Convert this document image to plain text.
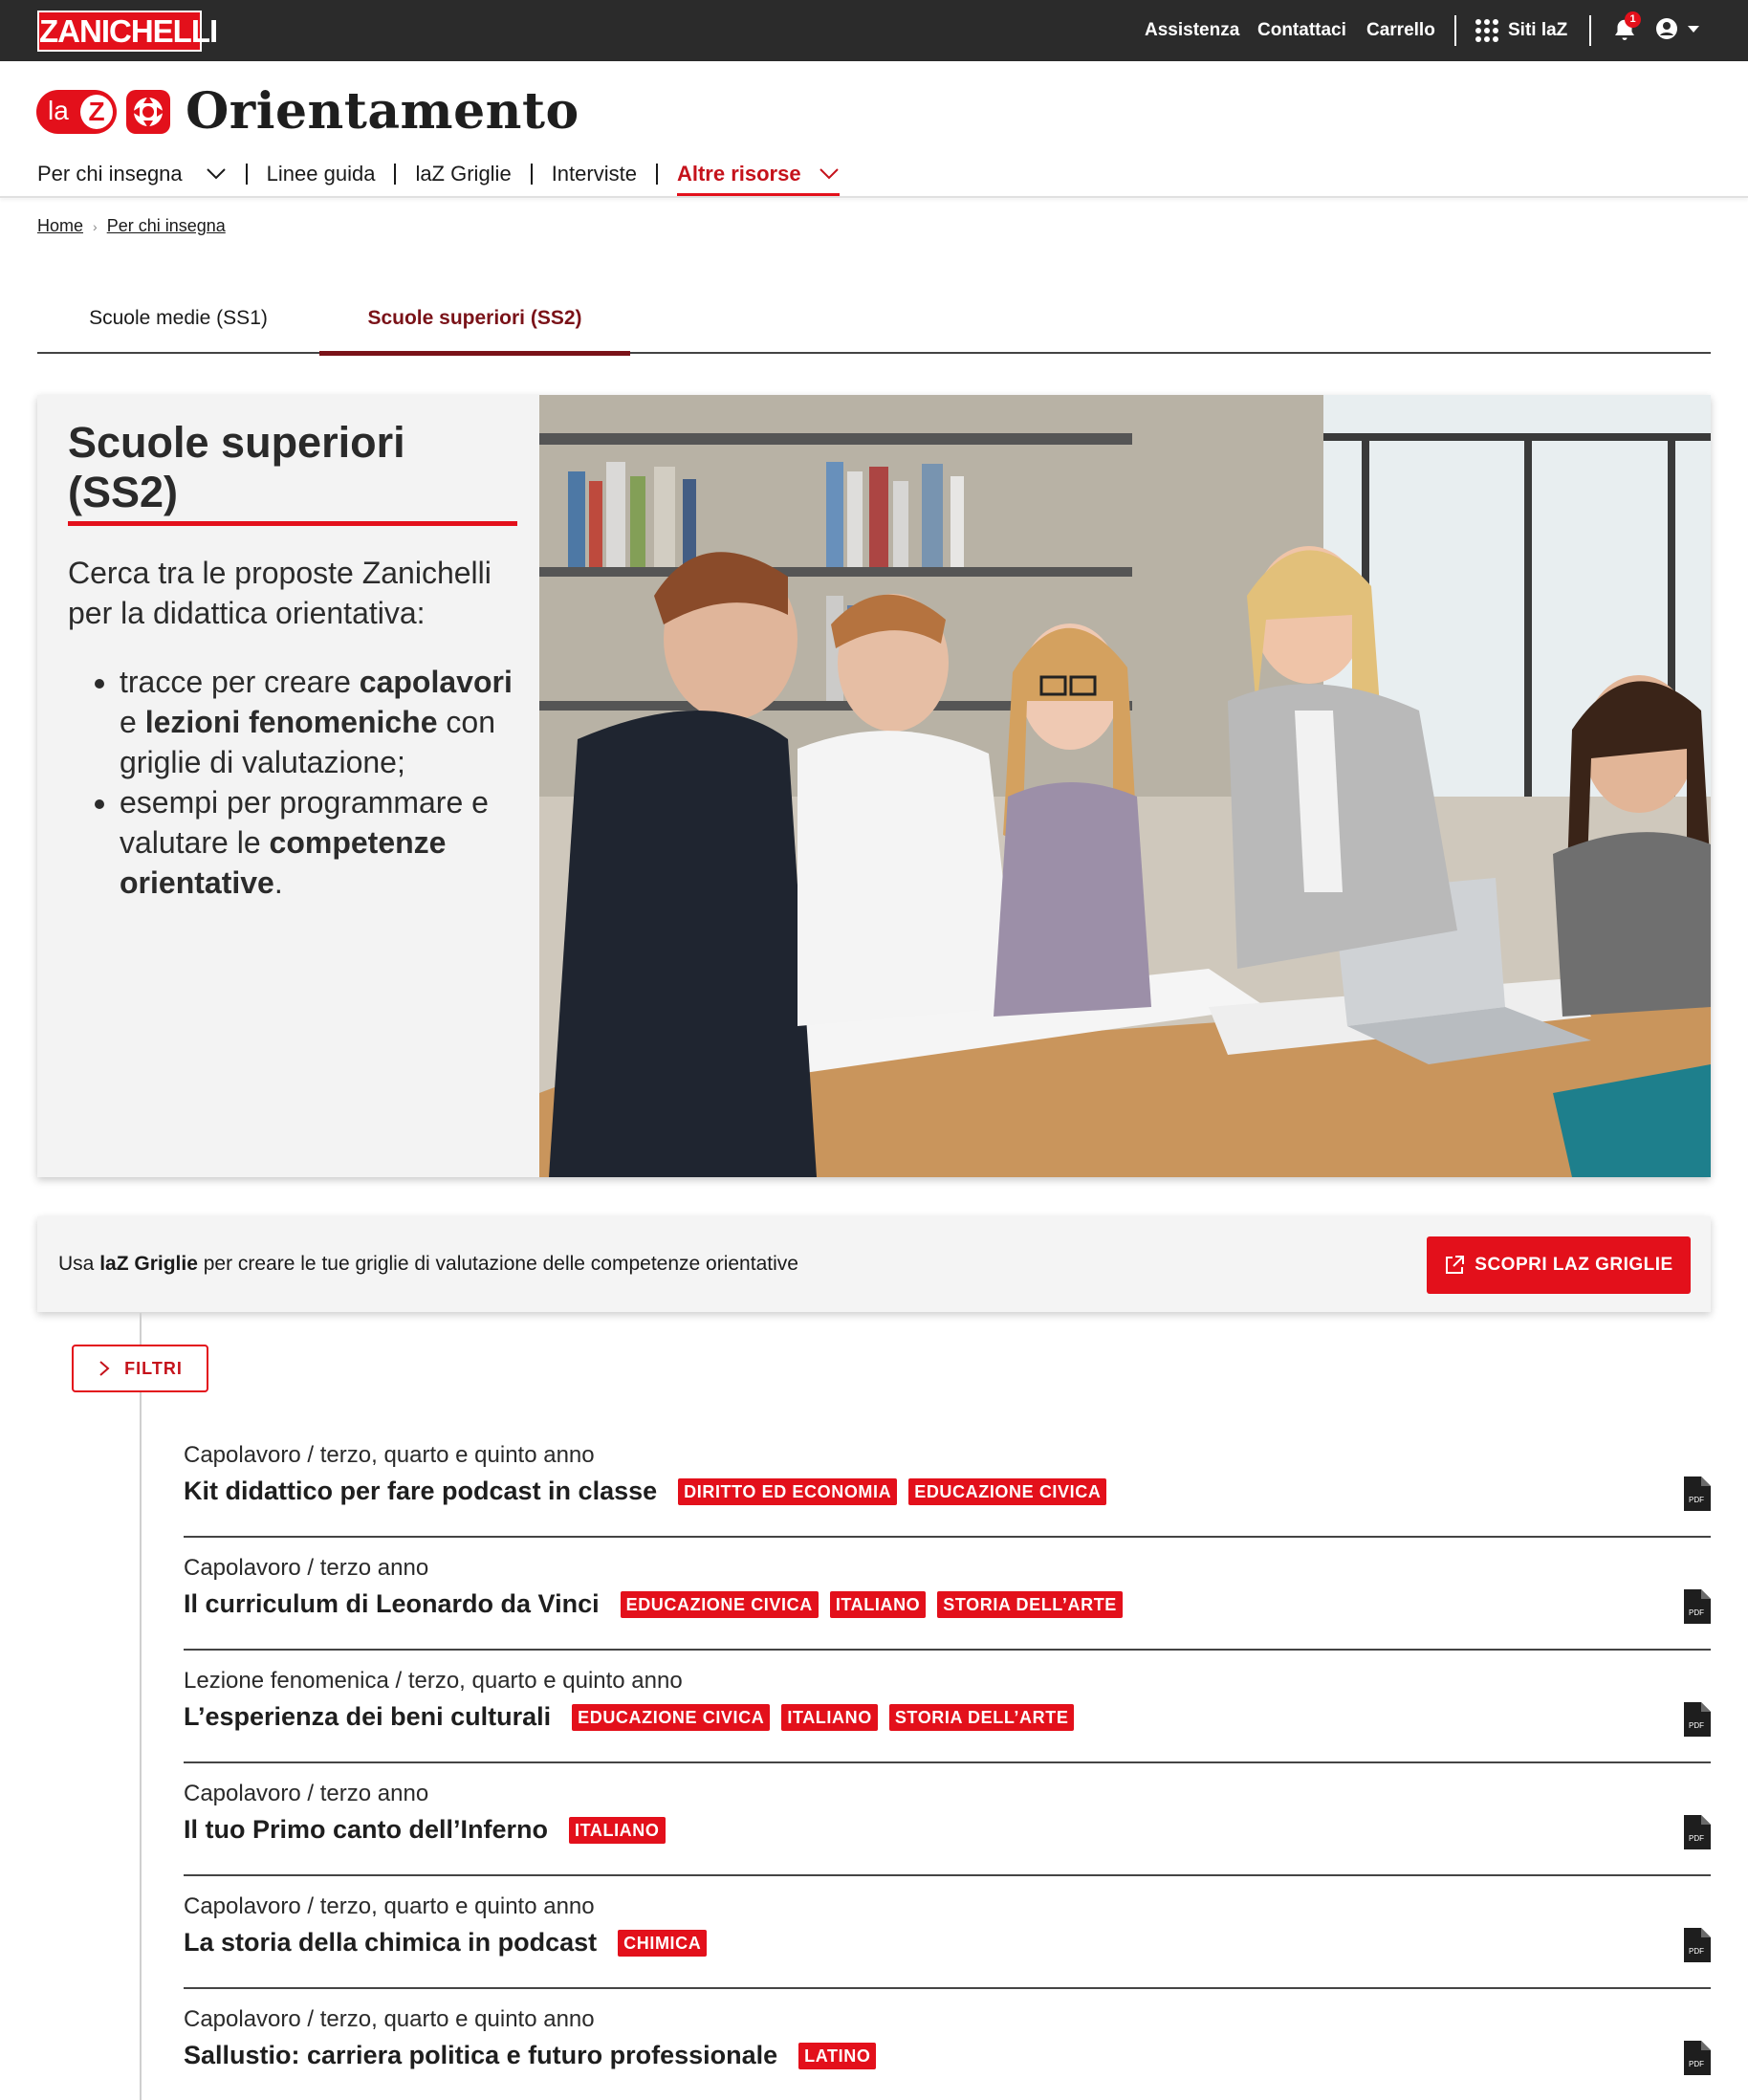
ZANICHELLI	Assistenza Contattaci Carrello	Siti laZ
1
la Z Orientamento
Per chi insegna	Linee guida laZ Griglie Interviste Altre risorse
Home › Per chi insegna
Scuole medie (SS1)	Scuole superiori (SS2)
Scuole superiori (SS2)
Cerca tra le proposte Zanichelli per la didattica orientativa:
• tracce per creare capolavori e lezioni fenomeniche con griglie di valutazione;
• esempi per programmare e valutare le competenze orientative.
Usa laZ Griglie per creare le tue griglie di valutazione delle competenze orientative	SCOPRI LAZ GRIGLIE
FILTRI
Capolavoro / terzo, quarto e quinto anno
Kit didattico per fare podcast in classe	DIRITTO ED ECONOMIA	EDUCAZIONE CIVICA	PDF
Capolavoro / terzo anno
Il curriculum di Leonardo da Vinci	EDUCAZIONE CIVICA	ITALIANO	STORIA DELL’ARTE	PDF
Lezione fenomenica / terzo, quarto e quinto anno
L’esperienza dei beni culturali	EDUCAZIONE CIVICA	ITALIANO	STORIA DELL’ARTE	PDF
Capolavoro / terzo anno
Il tuo Primo canto dell’Inferno	ITALIANO	PDF
Capolavoro / terzo, quarto e quinto anno
La storia della chimica in podcast	CHIMICA	PDF
Capolavoro / terzo, quarto e quinto anno
Sallustio: carriera politica e futuro professionale	LATINO	PDF
